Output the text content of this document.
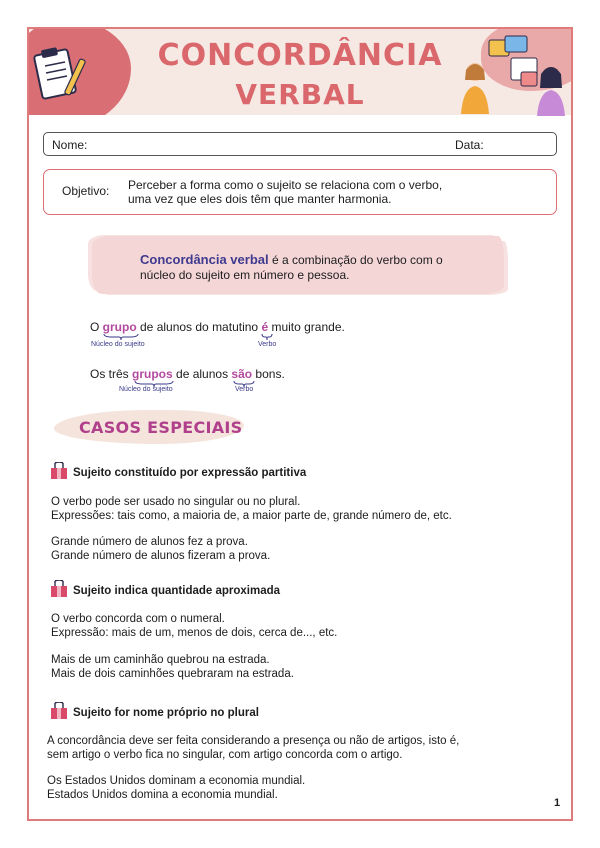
CONCORDÂNCIA
VERBAL
Nome:	Data:
Objetivo: Perceber a forma como o sujeito se relaciona com o verbo,
uma vez que eles dois têm que manter harmonia.
Concordância verbal é a combinação do verbo com o
núcleo do sujeito em número e pessoa.
O grupo de alunos do matutino é muito grande.
Núcleo do sujeito	Verbo
Os três grupos de alunos são bons.
Núcleo do sujeito	Verbo
CASOS ESPECIAIS
Sujeito constituído por expressão partitiva
O verbo pode ser usado no singular ou no plural.
Expressões: tais como, a maioria de, a maior parte de, grande número de, etc.
Grande número de alunos fez a prova.
Grande número de alunos fizeram a prova.
Sujeito indica quantidade aproximada
O verbo concorda com o numeral.
Expressão: mais de um, menos de dois, cerca de..., etc.
Mais de um caminhão quebrou na estrada.
Mais de dois caminhões quebraram na estrada.
Sujeito for nome próprio no plural
A concordância deve ser feita considerando a presença ou não de artigos, isto é,
sem artigo o verbo fica no singular, com artigo concorda com o artigo.
Os Estados Unidos dominam a economia mundial.
Estados Unidos domina a economia mundial.
1
